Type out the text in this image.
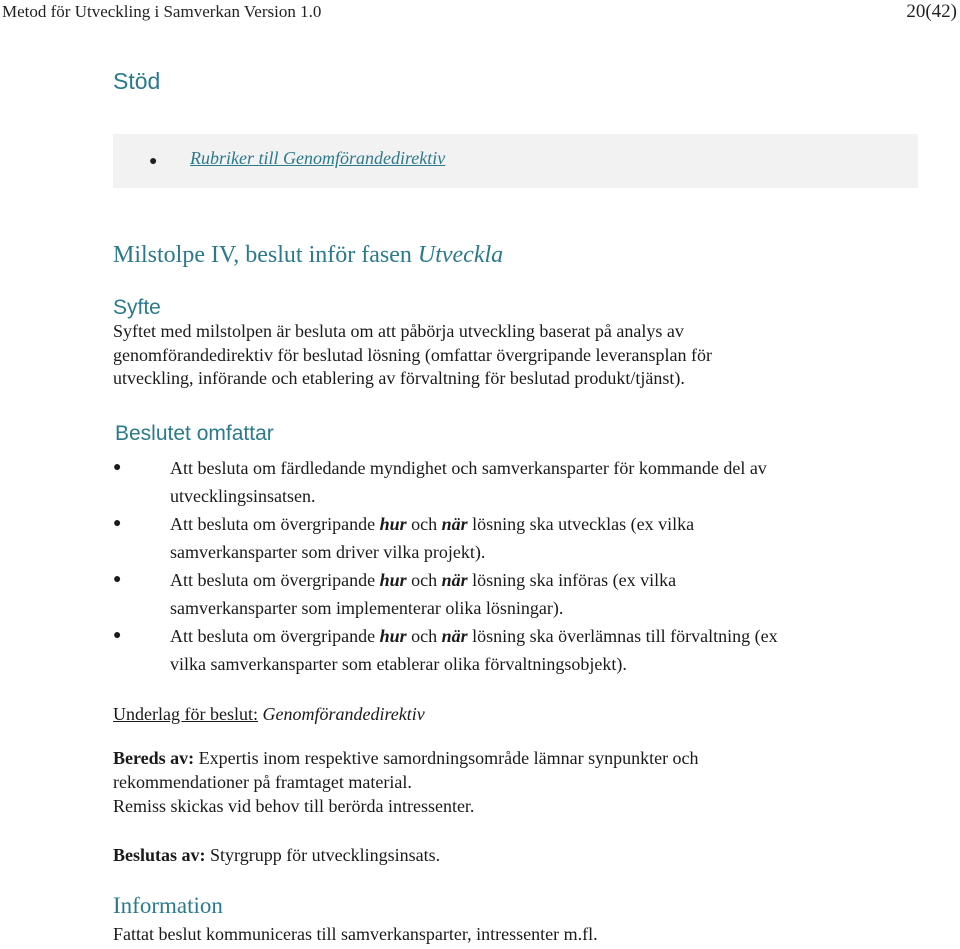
Metod för Utveckling i Samverkan Version 1.0	20(42)
Stöd
● Rubriker till Genomförandedirektiv
Milstolpe IV, beslut inför fasen Utveckla
Syfte
Syftet med milstolpen är besluta om att påbörja utveckling baserat på analys av
genomförandedirektiv för beslutad lösning (omfattar övergripande leveransplan för
utveckling, införande och etablering av förvaltning för beslutad produkt/tjänst).
Beslutet omfattar
●	Att besluta om färdledande myndighet och samverkansparter för kommande del av
utvecklingsinsatsen.
●	Att besluta om övergripande hur och när lösning ska utvecklas (ex vilka
samverkansparter som driver vilka projekt).
●	Att besluta om övergripande hur och när lösning ska införas (ex vilka
samverkansparter som implementerar olika lösningar).
●	Att besluta om övergripande hur och när lösning ska överlämnas till förvaltning (ex
vilka samverkansparter som etablerar olika förvaltningsobjekt).
Underlag för beslut: Genomförandedirektiv
Bereds av: Expertis inom respektive samordningsområde lämnar synpunkter och
rekommendationer på framtaget material.
Remiss skickas vid behov till berörda intressenter.
Beslutas av: Styrgrupp för utvecklingsinsats.
Information
Fattat beslut kommuniceras till samverkansparter, intressenter m.fl.
